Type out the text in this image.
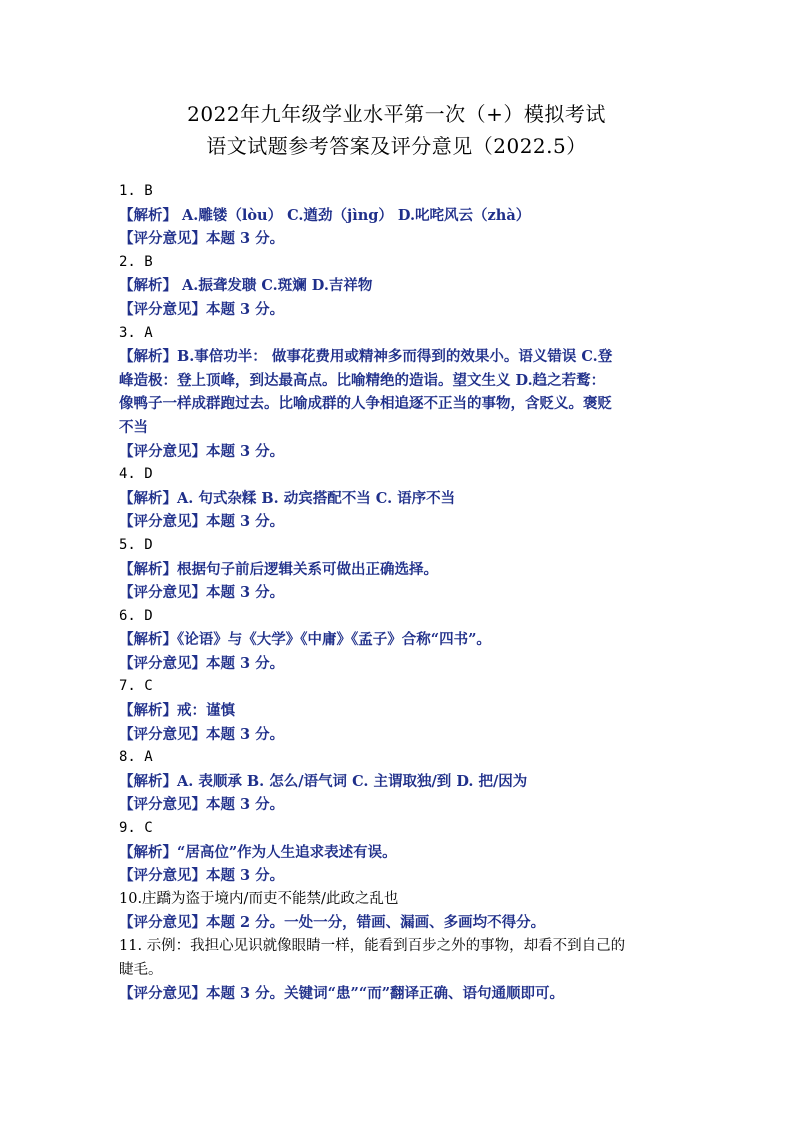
2022年九年级学业水平第一次（+）模拟考试
语文试题参考答案及评分意见（2022.5）
1. B
【解析】 A.雕镂（lòu） C.遒劲（jìng） D.叱咤风云（zhà）
【评分意见】本题 3 分。
2. B
【解析】 A.振聋发聩 C.斑斓 D.吉祥物
【评分意见】本题 3 分。
3. A
【解析】B.事倍功半： 做事花费用或精神多而得到的效果小。语义错误 C.登
峰造极：登上顶峰，到达最高点。比喻精绝的造诣。望文生义 D.趋之若鹜：
像鸭子一样成群跑过去。比喻成群的人争相追逐不正当的事物，含贬义。褒贬
不当
【评分意见】本题 3 分。
4. D
【解析】A. 句式杂糅 B. 动宾搭配不当 C. 语序不当
【评分意见】本题 3 分。
5. D
【解析】根据句子前后逻辑关系可做出正确选择。
【评分意见】本题 3 分。
6. D
【解析】《论语》与《大学》《中庸》《孟子》合称“四书”。
【评分意见】本题 3 分。
7. C
【解析】戒：谨慎
【评分意见】本题 3 分。
8. A
【解析】A. 表顺承 B. 怎么/语气词 C. 主谓取独/到 D. 把/因为
【评分意见】本题 3 分。
9. C
【解析】“居高位”作为人生追求表述有误。
【评分意见】本题 3 分。
10.庄蹻为盗于境内/而吏不能禁/此政之乱也
【评分意见】本题 2 分。一处一分，错画、漏画、多画均不得分。
11. 示例：我担心见识就像眼睛一样，能看到百步之外的事物，却看不到自己的
睫毛。
【评分意见】本题 3 分。关键词“患”“而”翻译正确、语句通顺即可。
